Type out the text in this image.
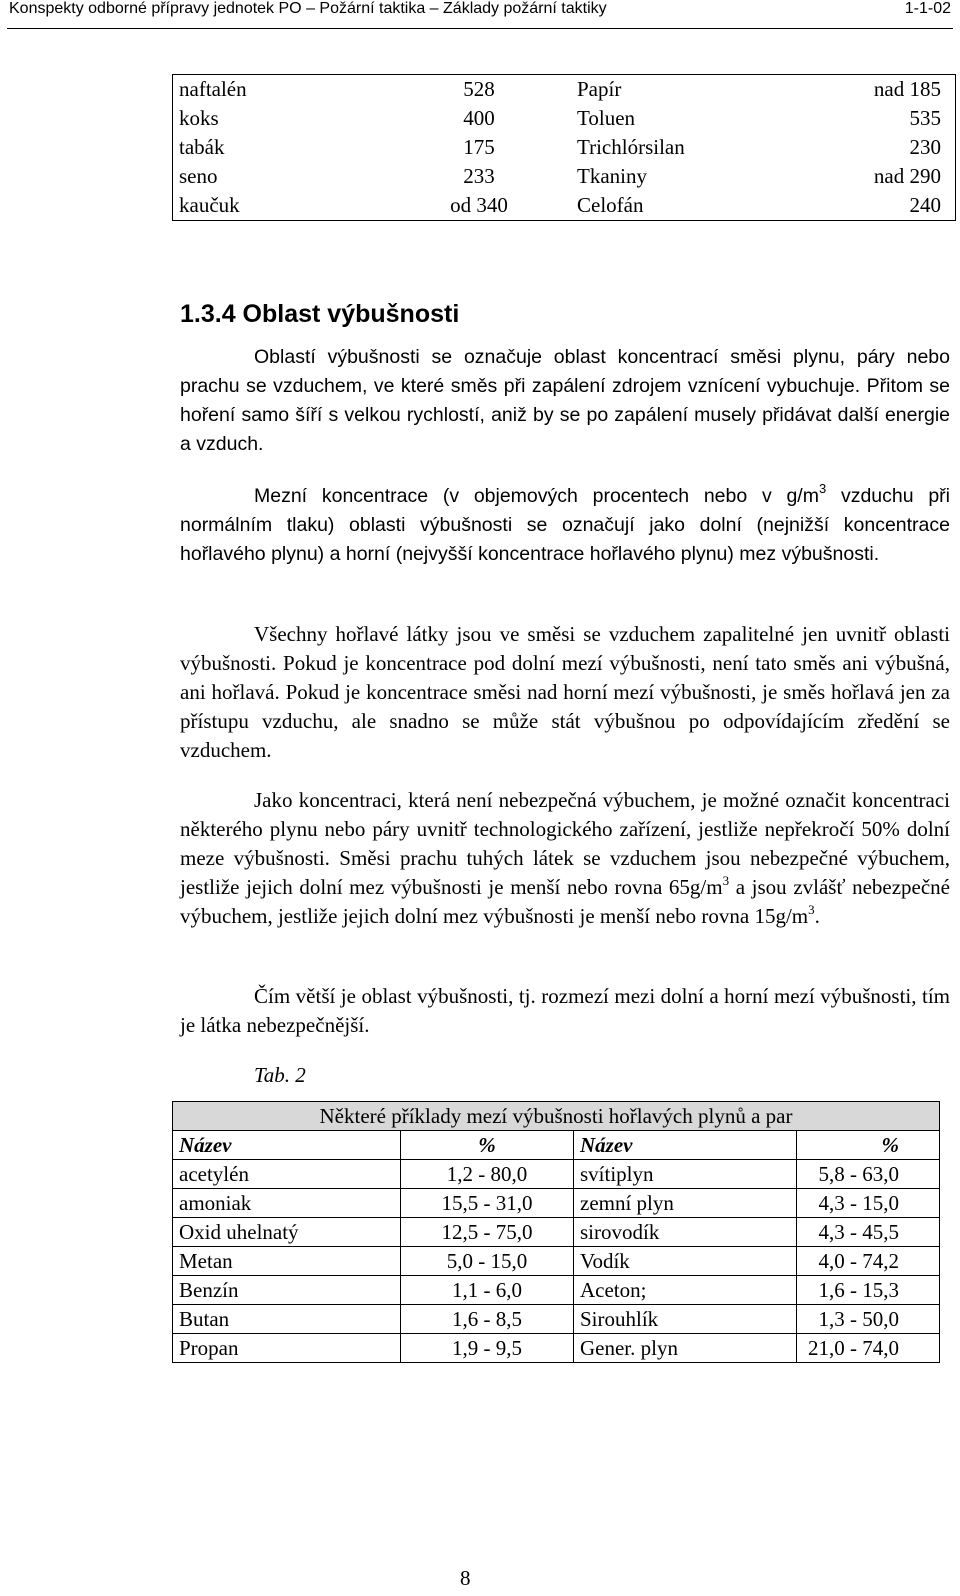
Konspekty odborné přípravy jednotek PO – Požární taktika – Základy požární taktiky	1-1-02
naftalén	528	Papír	nad 185
koks	400	Toluen	535
tabák	175	Trichlórsilan	230
seno	233	Tkaniny	nad 290
kaučuk	od 340	Celofán	240
1.3.4 Oblast výbušnosti

Oblastí výbušnosti se označuje oblast koncentrací směsi plynu, páry nebo prachu se vzduchem, ve které směs při zapálení zdrojem vznícení vybuchuje. Přitom se hoření samo šíří s velkou rychlostí, aniž by se po zapálení musely přidávat další energie a vzduch.

Mezní koncentrace (v objemových procentech nebo v $g/m^3$ vzduchu při normálním tlaku) oblasti výbušnosti se označují jako dolní (nejnižší koncentrace hořlavého plynu) a horní (nejvyšší koncentrace hořlavého plynu) mez výbušnosti.

Všechny hořlavé látky jsou ve směsi se vzduchem zapalitelné jen uvnitř oblasti výbušnosti. Pokud je koncentrace pod dolní mezí výbušnosti, není tato směs ani výbušná, ani hořlavá. Pokud je koncentrace směsi nad horní mezí výbušnosti, je směs hořlavá jen za přístupu vzduchu, ale snadno se může stát výbušnou po odpovídajícím zředění se vzduchem.

Jako koncentraci, která není nebezpečná výbuchem, je možné označit koncentraci některého plynu nebo páry uvnitř technologického zařízení, jestliže nepřekročí 50% dolní meze výbušnosti. Směsi prachu tuhých látek se vzduchem jsou nebezpečné výbuchem, jestliže jejich dolní mez výbušnosti je menší nebo rovna $65g/m^3$ a jsou zvlášť nebezpečné výbuchem, jestliže jejich dolní mez výbušnosti je menší nebo rovna $15g/m^3$.

Čím větší je oblast výbušnosti, tj. rozmezí mezi dolní a horní mezí výbušnosti, tím je látka nebezpečnější.

Tab. 2
Některé příklady mezí výbušnosti hořlavých plynů a par			
Název	%	Název	%
acetylén	1,2 - 80,0	svítiplyn	5,8 - 63,0
amoniak	15,5 - 31,0	zemní plyn	4,3 - 15,0
Oxid uhelnatý	12,5 - 75,0	sirovodík	4,3 - 45,5
Metan	5,0 - 15,0	Vodík	4,0 - 74,2
Benzín	1,1 - 6,0	Aceton;	1,6 - 15,3
Butan	1,6 - 8,5	Sirouhlík	1,3 - 50,0
Propan	1,9 - 9,5	Gener. plyn	21,0 - 74,0
8
